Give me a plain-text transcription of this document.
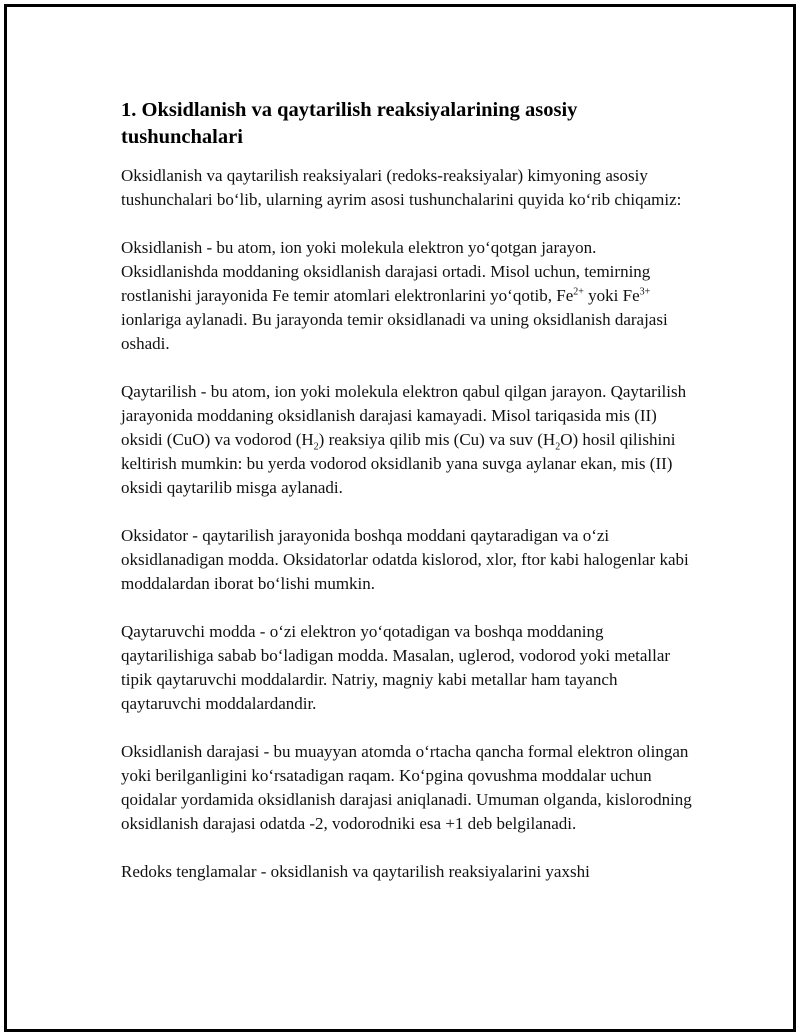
1. Oksidlanish va qaytarilish reaksiyalarining asosiy tushunchalari

Oksidlanish va qaytarilish reaksiyalari (redoks-reaksiyalar) kimyoning asosiy tushunchalari bo‘lib, ularning ayrim asosi tushunchalarini quyida ko‘rib chiqamiz:

Oksidlanish - bu atom, ion yoki molekula elektron yo‘qotgan jarayon. Oksidlanishda moddaning oksidlanish darajasi ortadi. Misol uchun, temirning rostlanishi jarayonida Fe temir atomlari elektronlarini yo‘qotib, $Fe^{2+}$ yoki $Fe^{3+}$ ionlariga aylanadi. Bu jarayonda temir oksidlanadi va uning oksidlanish darajasi oshadi.

Qaytarilish - bu atom, ion yoki molekula elektron qabul qilgan jarayon. Qaytarilish jarayonida moddaning oksidlanish darajasi kamayadi. Misol tariqasida mis (II) oksidi (CuO) va vodorod $(H_2)$ reaksiya qilib mis (Cu) va suv $(H_2O)$ hosil qilishini keltirish mumkin: bu yerda vodorod oksidlanib yana suvga aylanar ekan, mis (II) oksidi qaytarilib misga aylanadi.

Oksidator - qaytarilish jarayonida boshqa moddani qaytaradigan va o‘zi oksidlanadigan modda. Oksidatorlar odatda kislorod, xlor, ftor kabi halogenlar kabi moddalardan iborat bo‘lishi mumkin.

Qaytaruvchi modda - o‘zi elektron yo‘qotadigan va boshqa moddaning qaytarilishiga sabab bo‘ladigan modda. Masalan, uglerod, vodorod yoki metallar tipik qaytaruvchi moddalardir. Natriy, magniy kabi metallar ham tayanch qaytaruvchi moddalardandir.

Oksidlanish darajasi - bu muayyan atomda o‘rtacha qancha formal elektron olingan yoki berilganligini ko‘rsatadigan raqam. Ko‘pgina qovushma moddalar uchun qoidalar yordamida oksidlanish darajasi aniqlanadi. Umuman olganda, kislorodning oksidlanish darajasi odatda -2, vodorodniki esa +1 deb belgilanadi.

Redoks tenglamalar - oksidlanish va qaytarilish reaksiyalarini yaxshi
